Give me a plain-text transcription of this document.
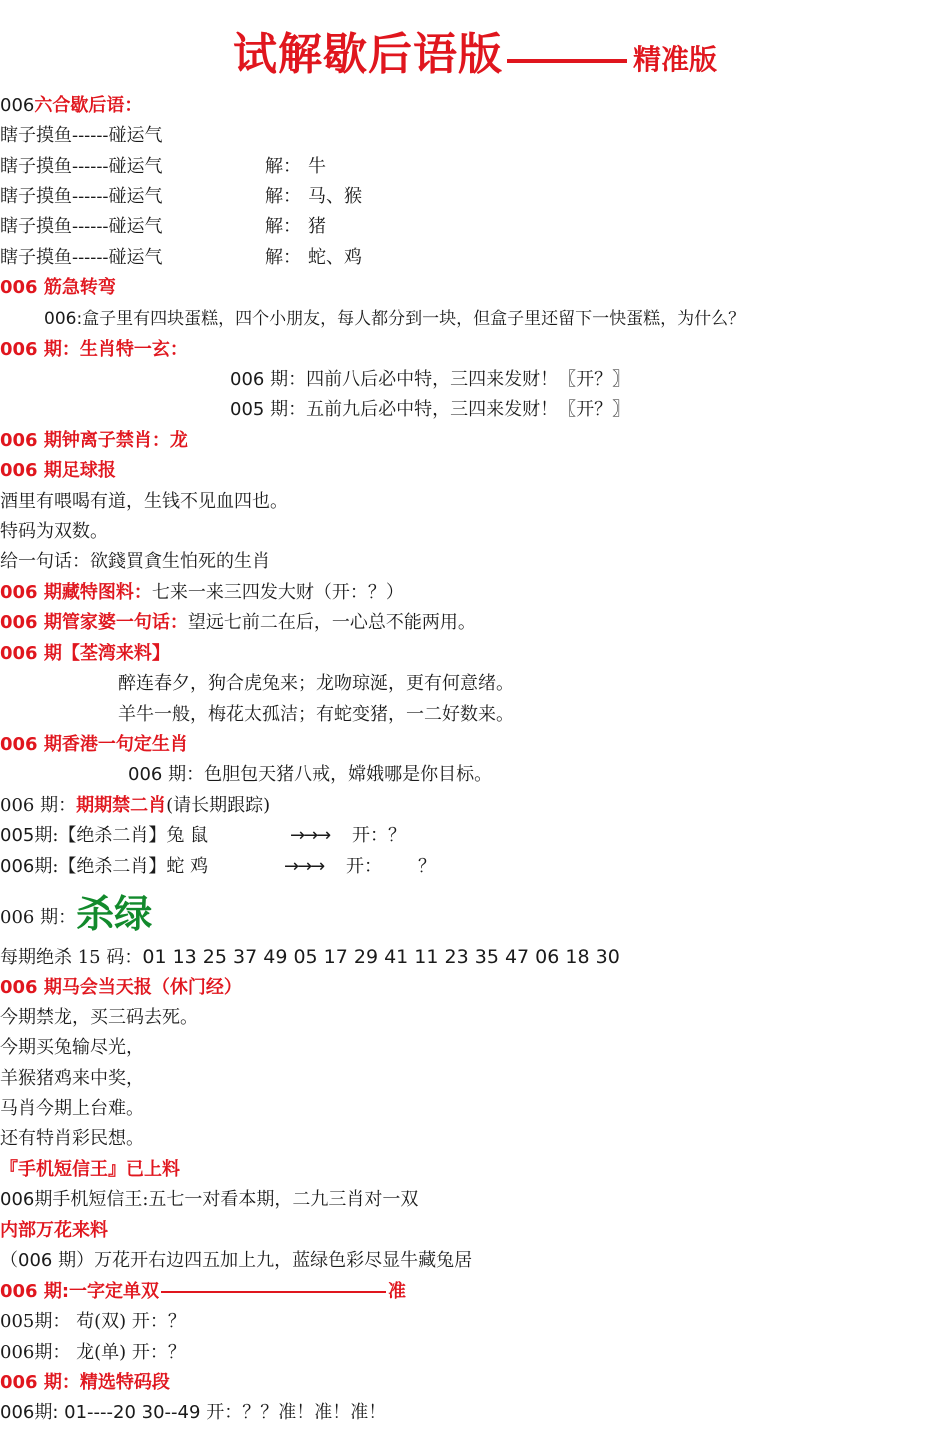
试解歇后语版	精准版
006六合歇后语：
瞎子摸鱼------碰运气
瞎子摸鱼------碰运气	解： 牛
瞎子摸鱼------碰运气	解： 马、猴
瞎子摸鱼------碰运气	解： 猪
瞎子摸鱼------碰运气	解： 蛇、鸡
006 筋急转弯
006:盒子里有四块蛋糕，四个小朋友，每人都分到一块，但盒子里还留下一快蛋糕，为什么？
006 期：生肖特一玄：
006 期：四前八后必中特，三四来发财！〖开？〗
005 期：五前九后必中特，三四来发财！〖开？〗
006 期钟离子禁肖：龙
006 期足球报
酒里有喂喝有道，生钱不见血四也。
特码为双数。
给一句话：欲錢買貪生怕死的生肖
006 期藏特图料：七来一来三四发大财（开：？）
006 期管家婆一句话：望远七前二在后，一心总不能两用。
006 期【荃湾来料】
醉连春夕，狗合虎兔来；龙吻琼涎，更有何意绪。
羊牛一般，梅花太孤洁；有蛇变猪，一二好数来。
006 期香港一句定生肖
006 期：色胆包天猪八戒，嫦娥哪是你目标。
006 期：期期禁二肖(请长期跟踪)
005期:【绝杀二肖】兔 鼠	→→→ 开：？
006期:【绝杀二肖】蛇 鸡	→→→ 开： ？
006 期：杀绿
每期绝杀 15 码：01 13 25 37 49 05 17 29 41 11 23 35 47 06 18 30
006 期马会当天报（休门经）
今期禁龙，买三码去死。
今期买兔输尽光，
羊猴猪鸡来中奖，
马肖今期上台难。
还有特肖彩民想。
『手机短信王』已上料
006期手机短信王:五七一对看本期，二九三肖对一双
内部万花来料
（006 期）万花开右边四五加上九，蓝绿色彩尽显牛藏兔居
006 期:一字定单双	准
005期： 苟(双) 开：？
006期： 龙(单) 开：？
006 期：精选特码段
006期: 01----20 30--49 开：？？准！准！准！
